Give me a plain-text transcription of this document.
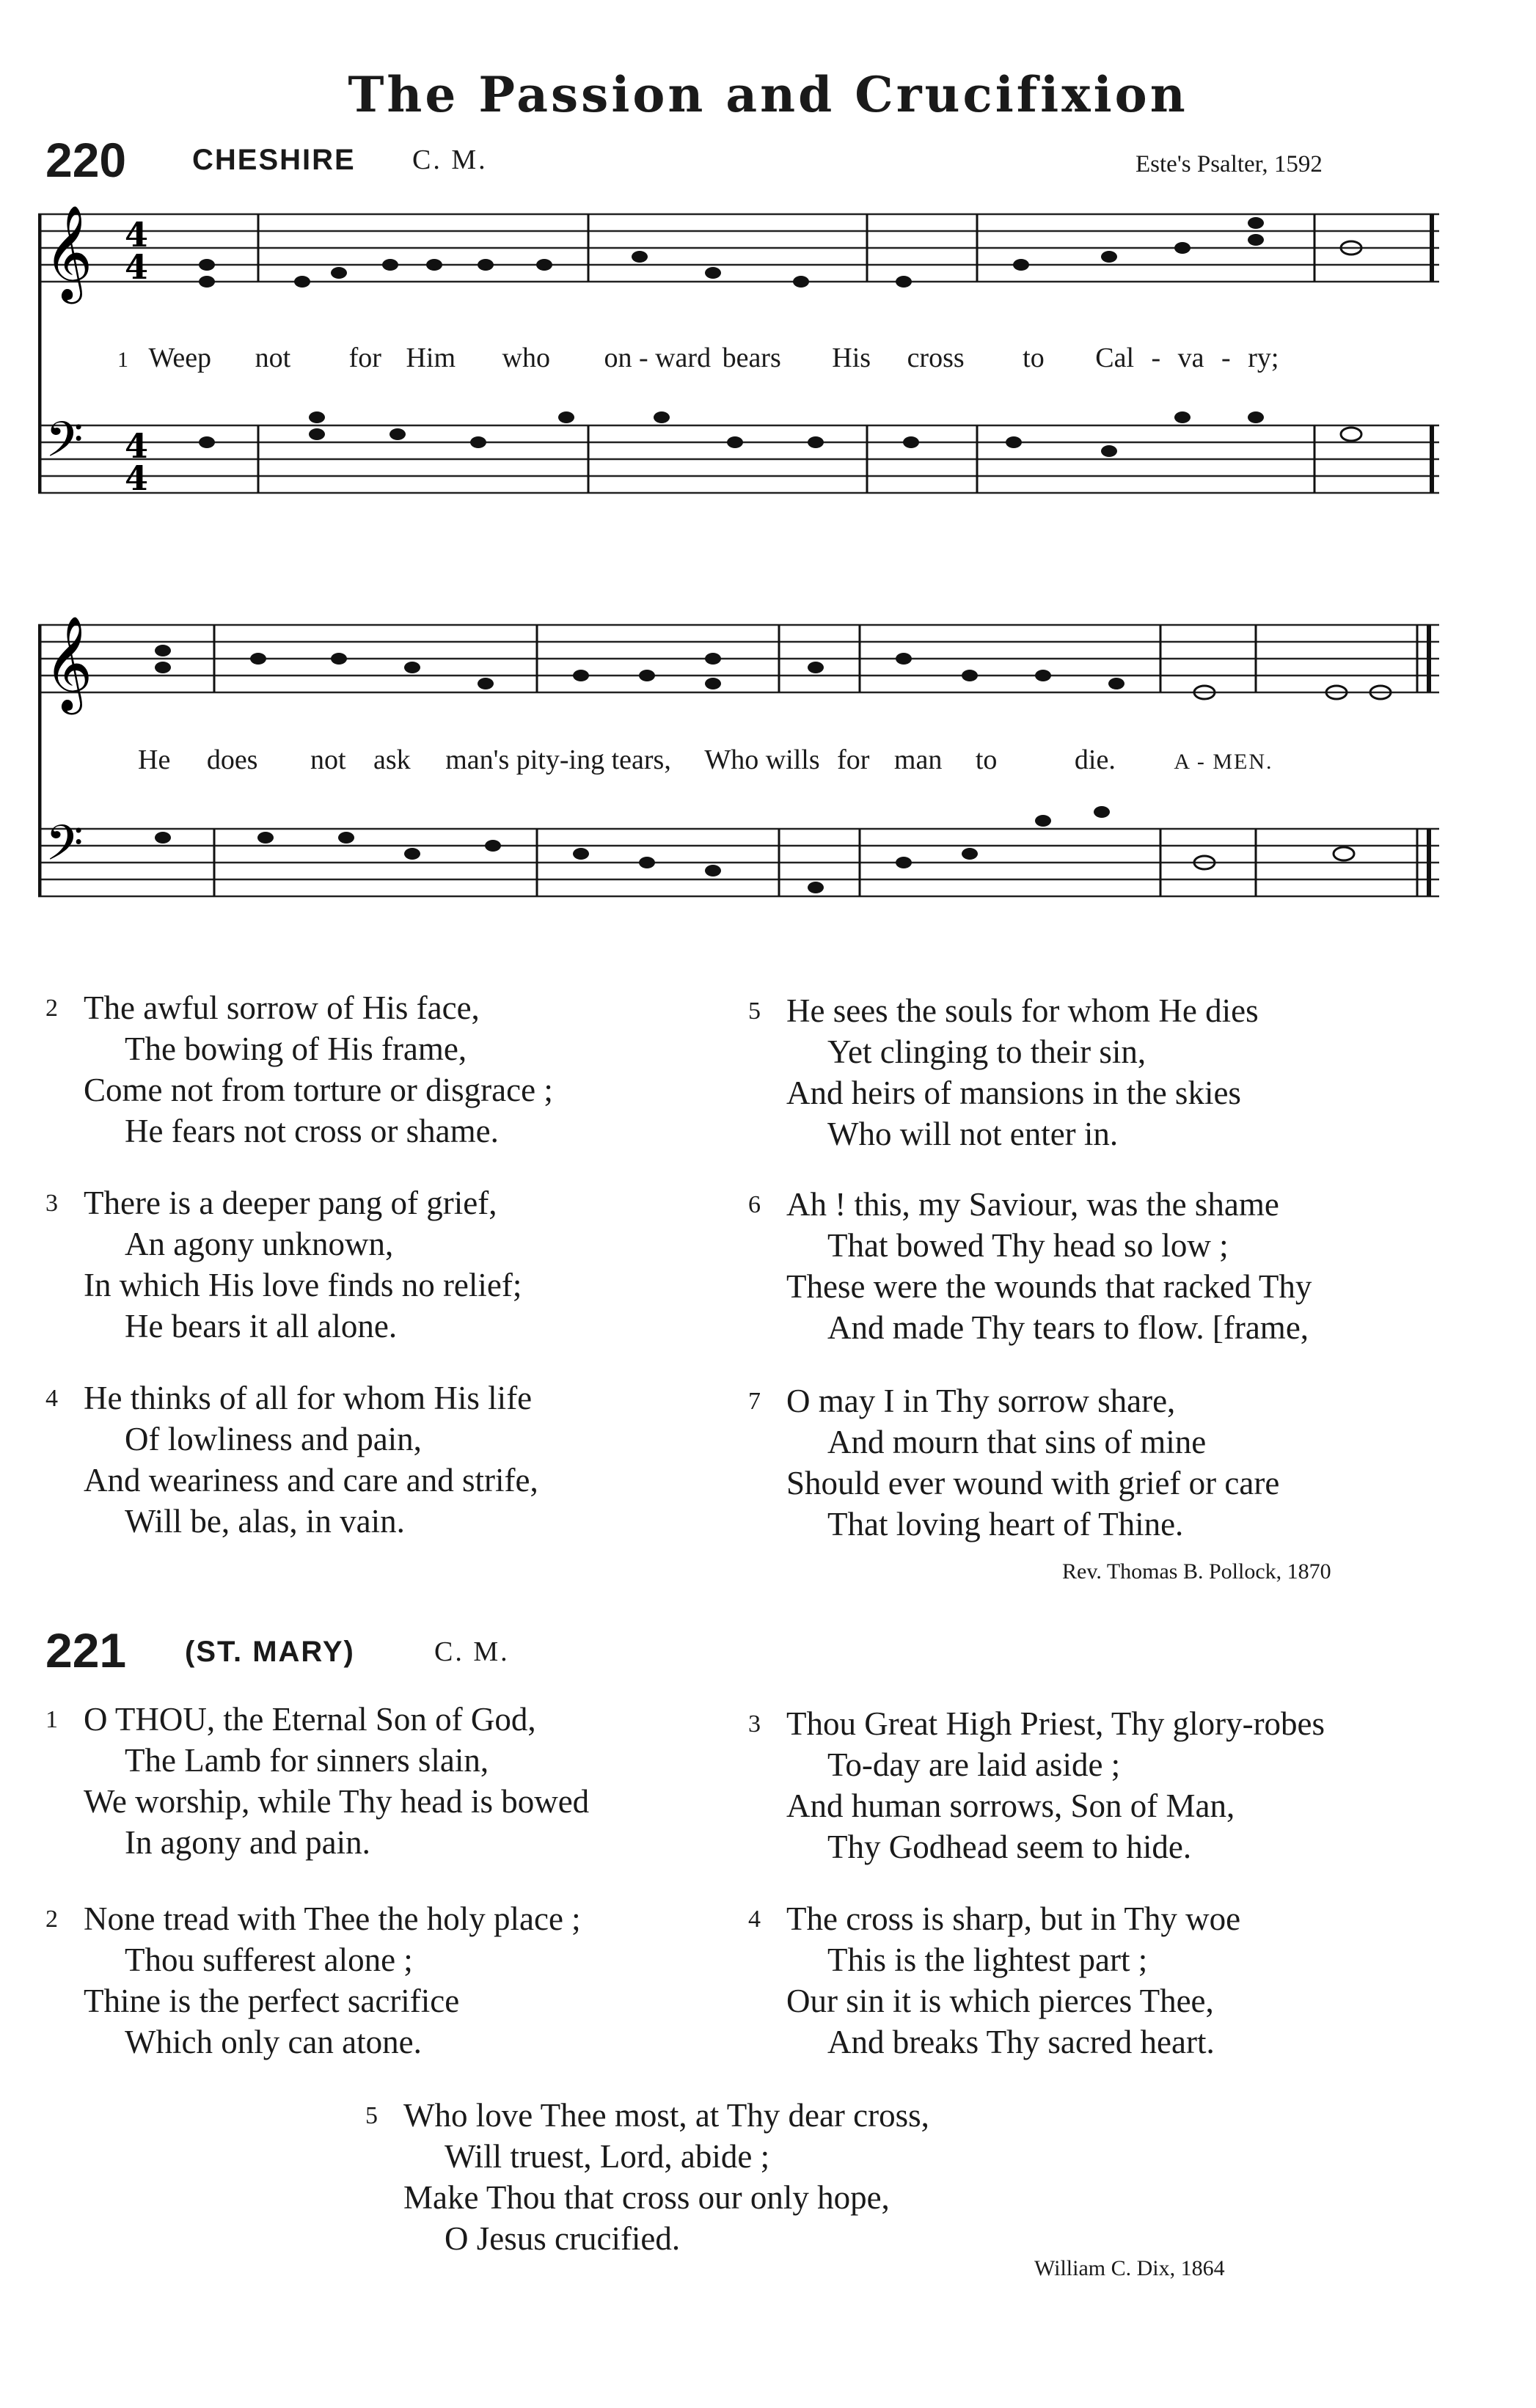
The Passion and Crucifixion
220 CHESHIRE C. M.	Este's Psalter, 1592
𝄞
𝄢
4
4
4
4
1 Weep not for Him who on - ward bears His cross to Cal - va - ry;
𝄞
𝄢
He does not ask man's pity-ing tears, Who wills for man to	die.	A - MEN.
2 The awful sorrow of His face,
The bowing of His frame,
Come not from torture or disgrace ;
He fears not cross or shame.
3 There is a deeper pang of grief,
An agony unknown,
In which His love finds no relief;
He bears it all alone.
4 He thinks of all for whom His life
Of lowliness and pain,
And weariness and care and strife,
Will be, alas, in vain.
5 He sees the souls for whom He dies
Yet clinging to their sin,
And heirs of mansions in the skies
Who will not enter in.
6 Ah ! this, my Saviour, was the shame
That bowed Thy head so low ;
These were the wounds that racked Thy
And made Thy tears to flow. [frame,
7 O may I in Thy sorrow share,
And mourn that sins of mine
Should ever wound with grief or care
That loving heart of Thine.
Rev. Thomas B. Pollock, 1870
221 (ST. MARY)	C. M.
1 O THOU, the Eternal Son of God,
The Lamb for sinners slain,
We worship, while Thy head is bowed
In agony and pain.
2 None tread with Thee the holy place ;
Thou sufferest alone ;
Thine is the perfect sacrifice
Which only can atone.
3 Thou Great High Priest, Thy glory-robes
To-day are laid aside ;
And human sorrows, Son of Man,
Thy Godhead seem to hide.
4 The cross is sharp, but in Thy woe
This is the lightest part ;
Our sin it is which pierces Thee,
And breaks Thy sacred heart.
5 Who love Thee most, at Thy dear cross,
Will truest, Lord, abide ;
Make Thou that cross our only hope,
O Jesus crucified.
William C. Dix, 1864
